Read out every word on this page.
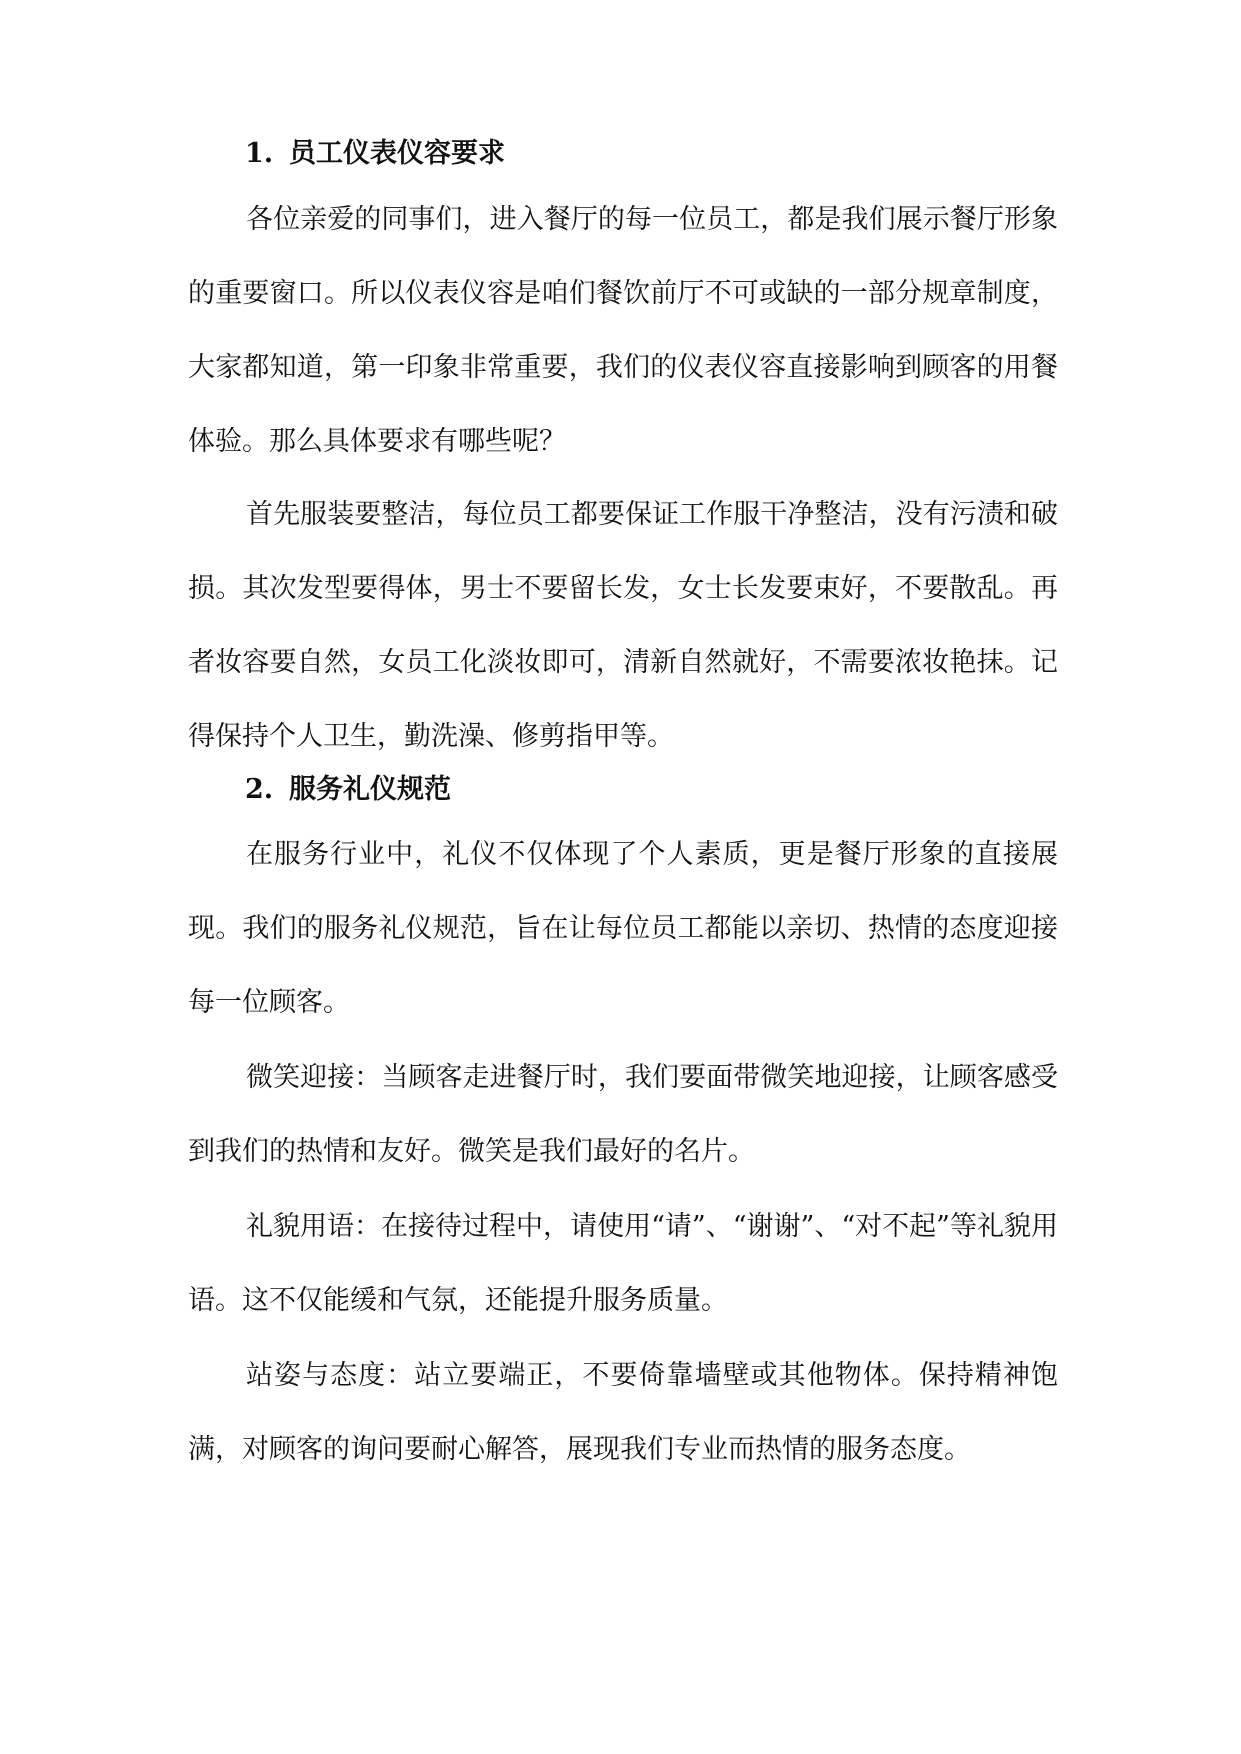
1. 员工仪表仪容要求

各位亲爱的同事们，进入餐厅的每一位员工，都是我们展示餐厅形象的重要窗口。所以仪表仪容是咱们餐饮前厅不可或缺的一部分规章制度，大家都知道，第一印象非常重要，我们的仪表仪容直接影响到顾客的用餐体验。那么具体要求有哪些呢？

首先服装要整洁，每位员工都要保证工作服干净整洁，没有污渍和破损。其次发型要得体，男士不要留长发，女士长发要束好，不要散乱。再者妆容要自然，女员工化淡妆即可，清新自然就好，不需要浓妆艳抹。记得保持个人卫生，勤洗澡、修剪指甲等。

2. 服务礼仪规范

在服务行业中，礼仪不仅体现了个人素质，更是餐厅形象的直接展现。我们的服务礼仪规范，旨在让每位员工都能以亲切、热情的态度迎接每一位顾客。

微笑迎接：当顾客走进餐厅时，我们要面带微笑地迎接，让顾客感受到我们的热情和友好。微笑是我们最好的名片。

礼貌用语：在接待过程中，请使用“请”、“谢谢”、“对不起”等礼貌用语。这不仅能缓和气氛，还能提升服务质量。

站姿与态度：站立要端正，不要倚靠墙壁或其他物体。保持精神饱满，对顾客的询问要耐心解答，展现我们专业而热情的服务态度。
